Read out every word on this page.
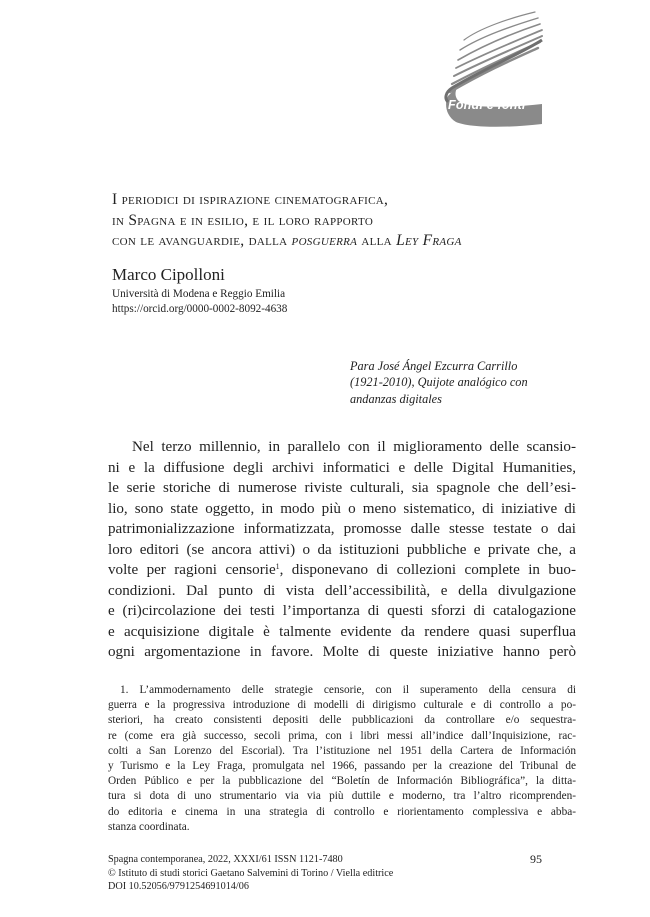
Fondi e fonti
I periodici di ispirazione cinematografica,
in Spagna e in esilio, e il loro rapporto
con le avanguardie, dalla posguerra alla Ley Fraga
Marco Cipolloni
Università di Modena e Reggio Emilia
https://orcid.org/0000-0002-8092-4638
Para José Ángel Ezcurra Carrillo
(1921-2010), Quijote analógico con
andanzas digitales
Nel terzo millennio, in parallelo con il miglioramento delle scansio-
ni e la diffusione degli archivi informatici e delle Digital Humanities,
le serie storiche di numerose riviste culturali, sia spagnole che dell’esi-
lio, sono state oggetto, in modo più o meno sistematico, di iniziative di
patrimonializzazione informatizzata, promosse dalle stesse testate o dai
loro editori (se ancora attivi) o da istituzioni pubbliche e private che, a
volte per ragioni censorie$^1$, disponevano di collezioni complete in buo-
condizioni. Dal punto di vista dell’accessibilità, e della divulgazione
e (ri)circolazione dei testi l’importanza di questi sforzi di catalogazione
e acquisizione digitale è talmente evidente da rendere quasi superflua
ogni argomentazione in favore. Molte di queste iniziative hanno però
1. L’ammodernamento delle strategie censorie, con il superamento della censura di
guerra e la progressiva introduzione di modelli di dirigismo culturale e di controllo a po-
steriori, ha creato consistenti depositi delle pubblicazioni da controllare e/o sequestra-
re (come era già successo, secoli prima, con i libri messi all’indice dall’Inquisizione, rac-
colti a San Lorenzo del Escorial). Tra l’istituzione nel 1951 della Cartera de Información
y Turismo e la Ley Fraga, promulgata nel 1966, passando per la creazione del Tribunal de
Orden Público e per la pubblicazione del “Boletín de Información Bibliográfica”, la ditta-
tura si dota di uno strumentario via via più duttile e moderno, tra l’altro ricomprenden-
do editoria e cinema in una strategia di controllo e riorientamento complessiva e abba-
stanza coordinata.
Spagna contemporanea, 2022, XXXI/61 ISSN 1121-7480
© Istituto di studi storici Gaetano Salvemini di Torino / Viella editrice
DOI 10.52056/9791254691014/06
95
